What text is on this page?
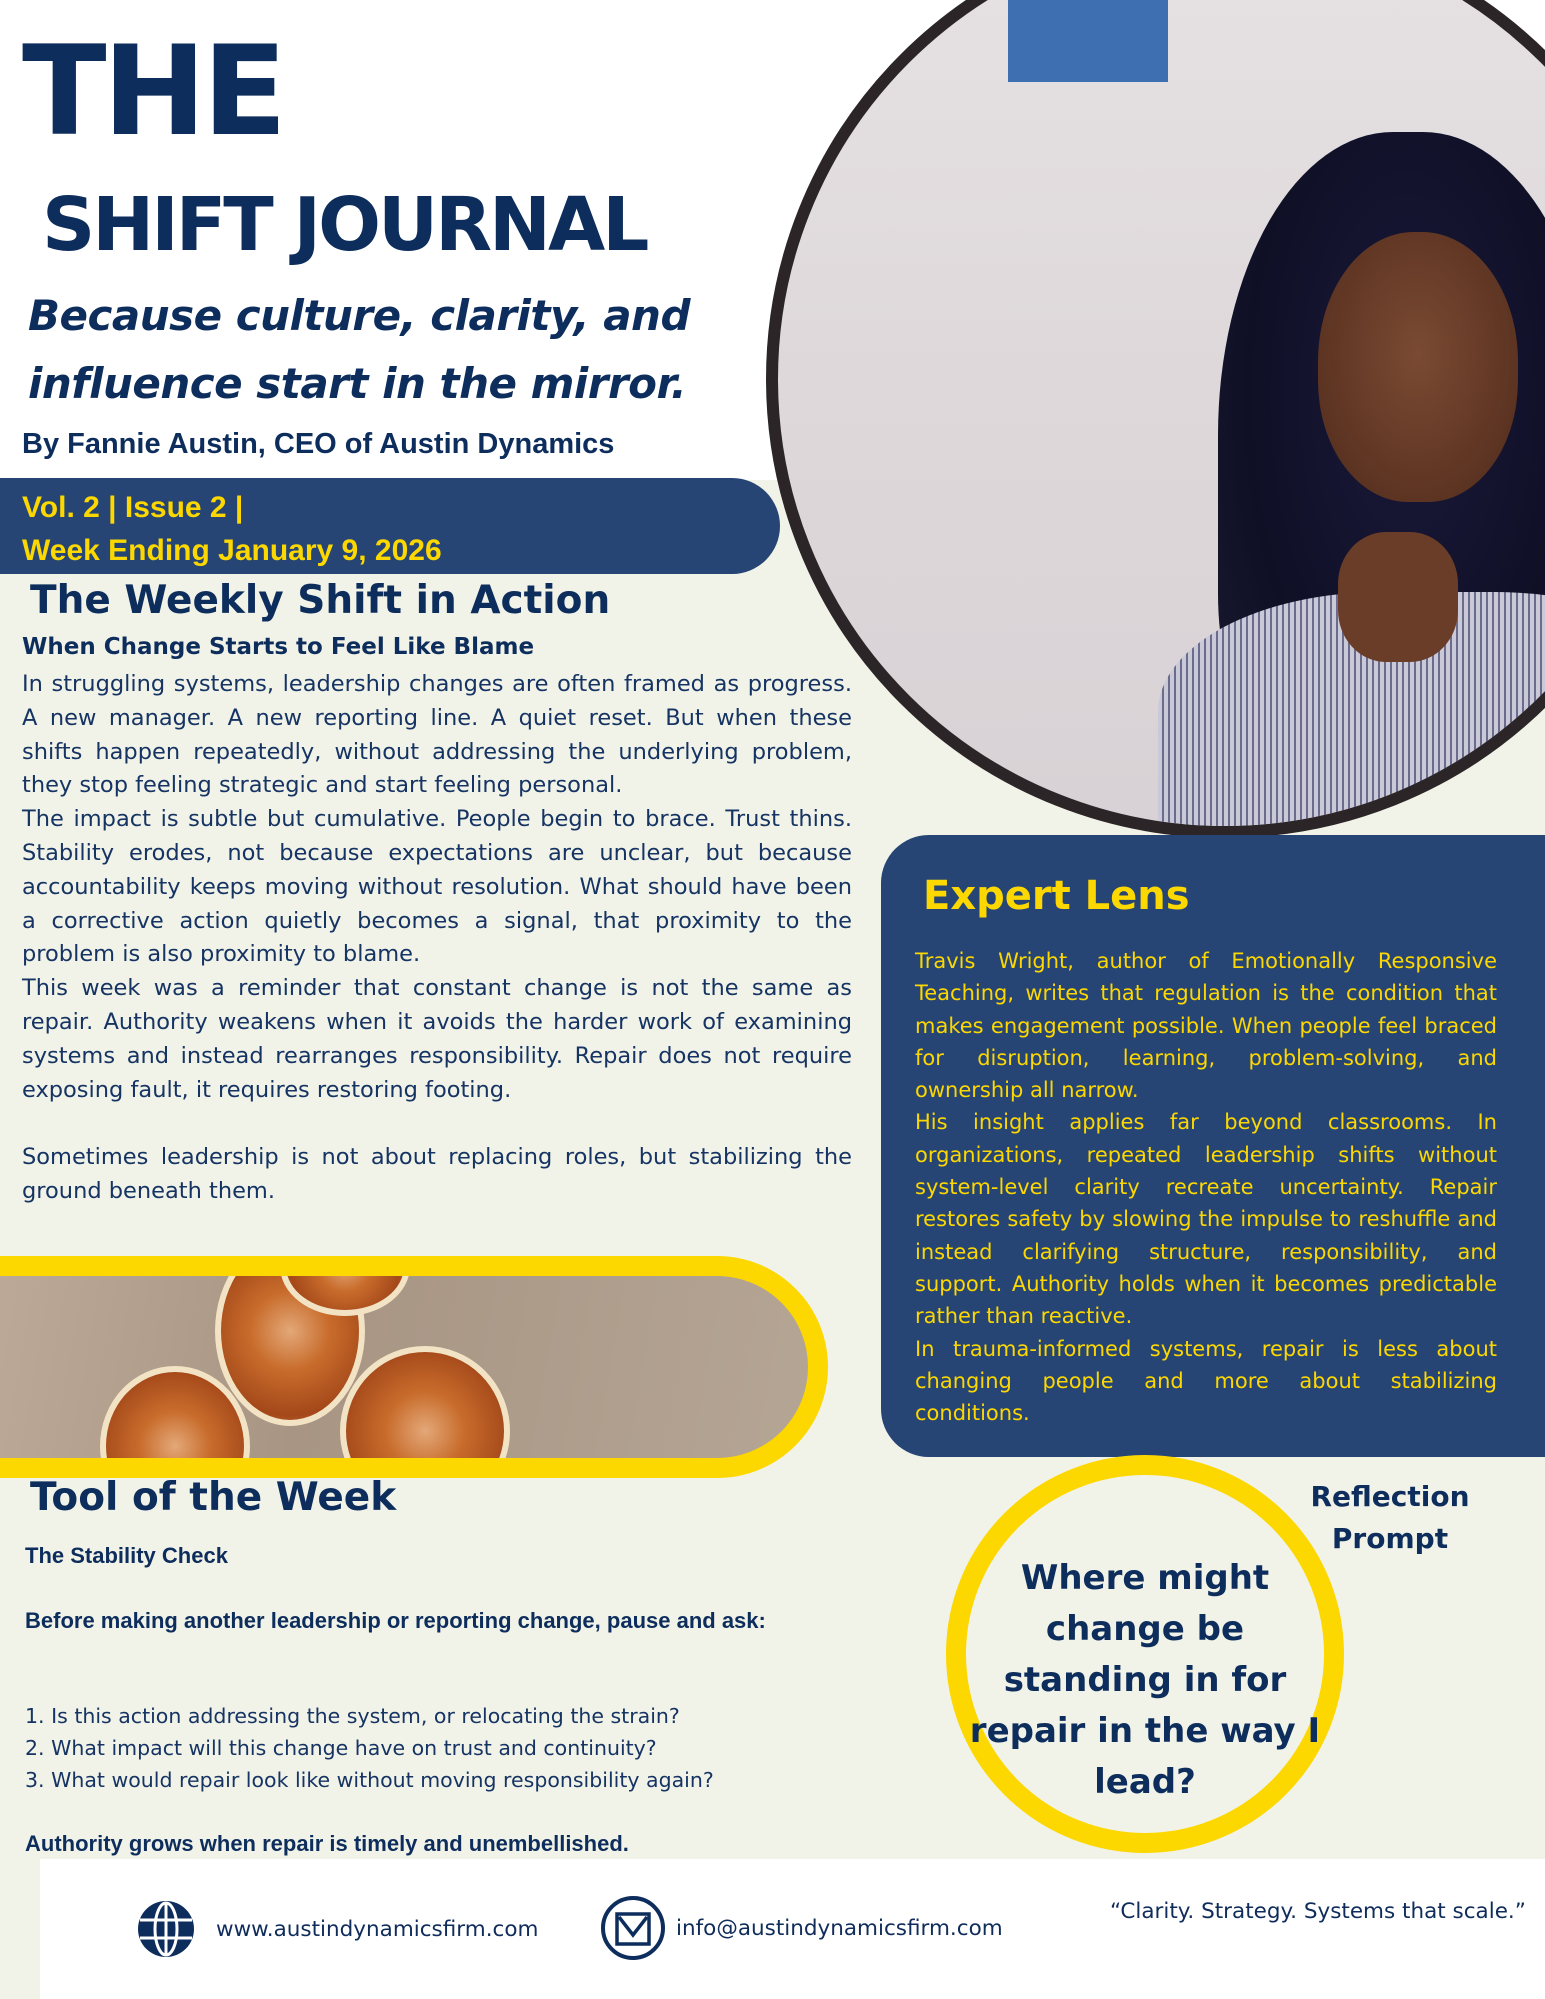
THE
SHIFT JOURNAL
Because culture, clarity, and influence start in the mirror.
By Fannie Austin, CEO of Austin Dynamics
Vol. 2 | Issue 2 |
Week Ending January 9, 2026
The Weekly Shift in Action
When Change Starts to Feel Like Blame

In struggling systems, leadership changes are often framed as progress. A new manager. A new reporting line. A quiet reset. But when these shifts happen repeatedly, without addressing the underlying problem, they stop feeling strategic and start feeling personal.

The impact is subtle but cumulative. People begin to brace. Trust thins. Stability erodes, not because expectations are unclear, but because accountability keeps moving without resolution. What should have been a corrective action quietly becomes a signal, that proximity to the problem is also proximity to blame.

This week was a reminder that constant change is not the same as repair. Authority weakens when it avoids the harder work of examining systems and instead rearranges responsibility. Repair does not require exposing fault, it requires restoring footing.

Sometimes leadership is not about replacing roles, but stabilizing the ground beneath them.

Expert Lens

Travis Wright, author of Emotionally Responsive Teaching, writes that regulation is the condition that makes engagement possible. When people feel braced for disruption, learning, problem-solving, and ownership all narrow.

His insight applies far beyond classrooms. In organizations, repeated leadership shifts without system-level clarity recreate uncertainty. Repair restores safety by slowing the impulse to reshuffle and instead clarifying structure, responsibility, and support. Authority holds when it becomes predictable rather than reactive.

In trauma-informed systems, repair is less about changing people and more about stabilizing conditions.

Tool of the Week
The Stability Check
Before making another leadership or reporting change, pause and ask:
1. Is this action addressing the system, or relocating the strain?
2. What impact will this change have on trust and continuity?
3. What would repair look like without moving responsibility again?
Authority grows when repair is timely and unembellished.
Where might change be standing in for repair in the way I lead?
Reflection Prompt
www.austindynamicsfirm.com	info@austindynamicsfirm.com
“Clarity. Strategy. Systems that scale.”
